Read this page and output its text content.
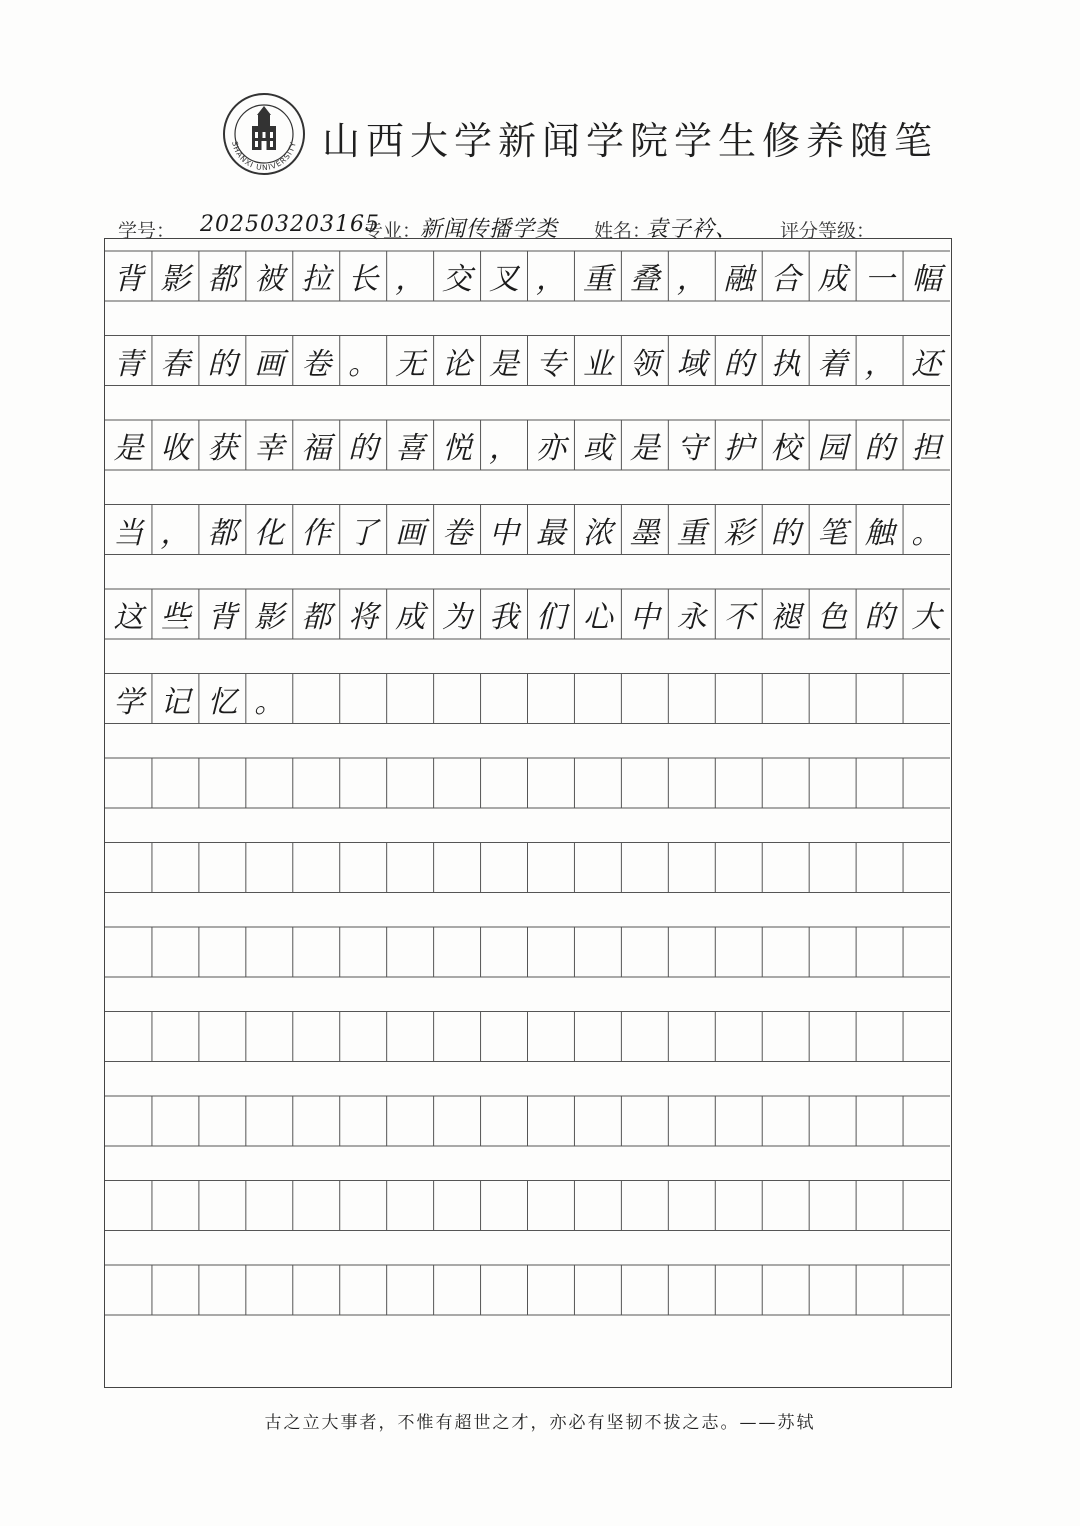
SHANXI UNIVERSITY 山西大学新闻学院学生修养随笔
学号： 202503203165
专业：
新闻传播学类 姓名：
袁子衿、 评分等级：
背 影 都 被 拉 长 ， 交 叉 ， 重 叠 ， 融 合 成 一 幅
青 春 的 画 卷 。 无 论 是 专 业 领 域 的 执 着 ， 还
是 收 获 幸 福 的 喜 悦 ， 亦 或 是 守 护 校 园 的 担
当 ， 都 化 作 了 画 卷 中 最 浓 墨 重 彩 的 笔 触 。
这 些 背 影 都 将 成 为 我 们 心 中 永 不 褪 色 的 大
学 记 忆 。
古之立大事者，不惟有超世之才，亦必有坚韧不拔之志。——苏轼
